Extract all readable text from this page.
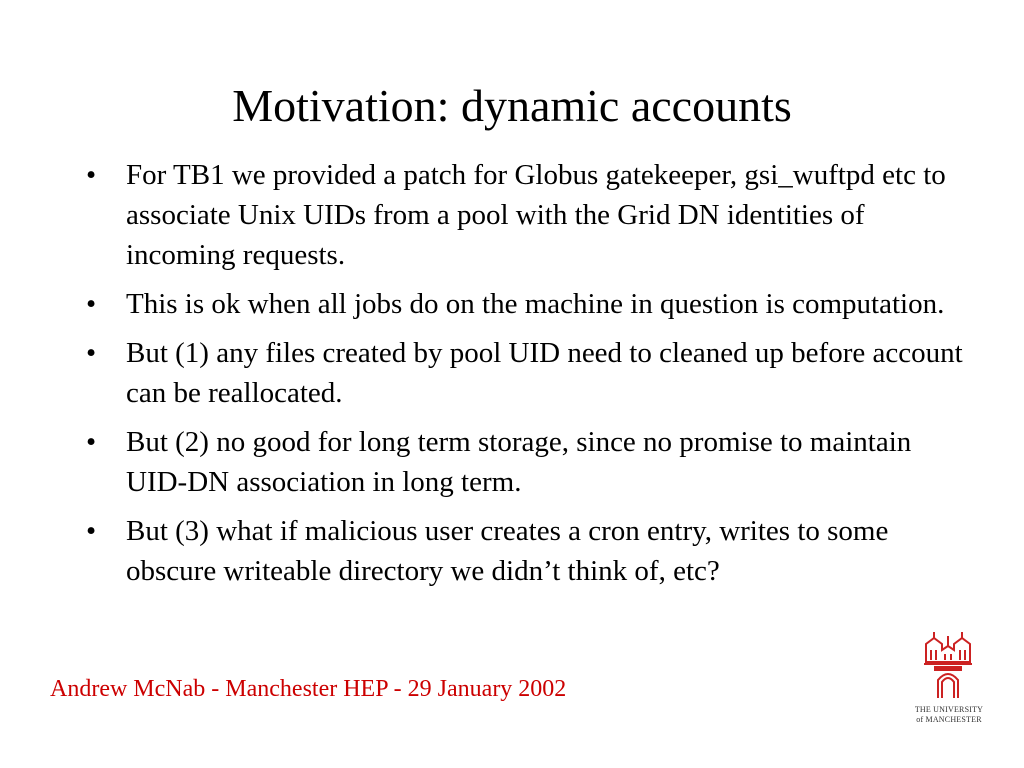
Motivation: dynamic accounts
•	For TB1 we provided a patch for Globus gatekeeper, gsi_wuftpd etc to associate Unix UIDs from a pool with the Grid DN identities of incoming requests.
•	This is ok when all jobs do on the machine in question is computation.
•	But (1) any files created by pool UID need to cleaned up before account can be reallocated.
•	But (2) no good for long term storage, since no promise to maintain UID-DN association in long term.
•	But (3) what if malicious user creates a cron entry, writes to some obscure writeable directory we didn’t think of, etc?
Andrew McNab - Manchester HEP - 29 January 2002
THE UNIVERSITY
of MANCHESTER
